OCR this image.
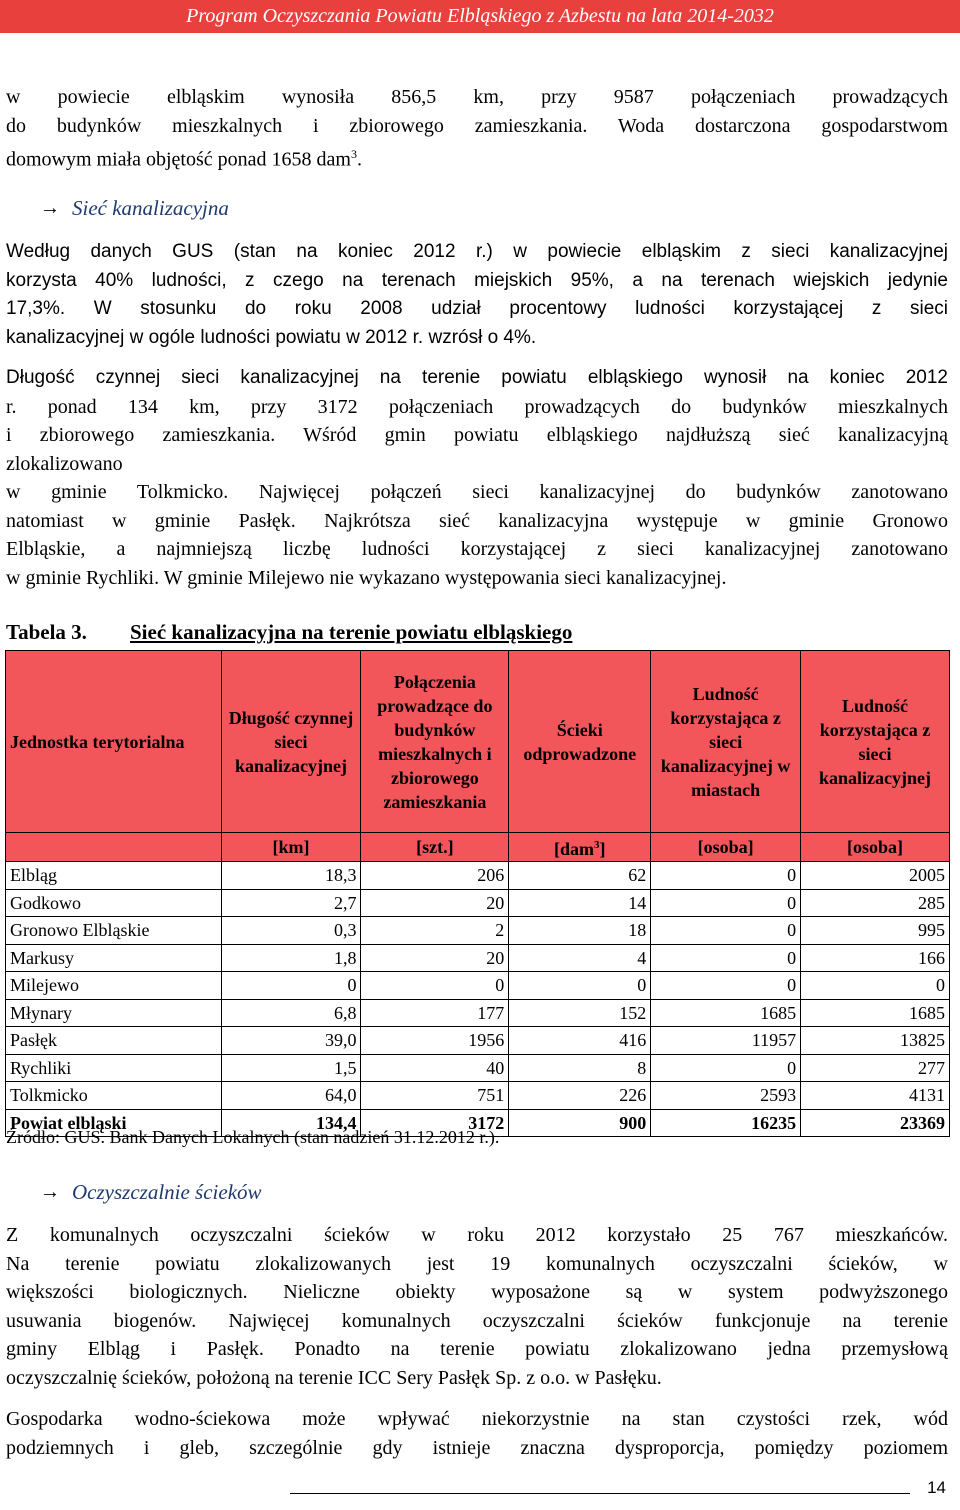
Program Oczyszczania Powiatu Elbląskiego z Azbestu na lata 2014-2032
w powiecie elbląskim wynosiła 856,5 km, przy 9587 połączeniach prowadzących
do budynków mieszkalnych i zbiorowego zamieszkania. Woda dostarczona gospodarstwom
domowym miała objętość ponad 1658 dam$^3$.
→ Sieć kanalizacyjna
Według danych GUS (stan na koniec 2012 r.) w powiecie elbląskim z sieci kanalizacyjnej
korzysta 40% ludności, z czego na terenach miejskich 95%, a na terenach wiejskich jedynie
17,3%. W stosunku do roku 2008 udział procentowy ludności korzystającej z sieci
kanalizacyjnej w ogóle ludności powiatu w 2012 r. wzrósł o 4%.
Długość czynnej sieci kanalizacyjnej na terenie powiatu elbląskiego wynosił na koniec 2012
r. ponad 134 km, przy 3172 połączeniach prowadzących do budynków mieszkalnych
i zbiorowego zamieszkania. Wśród gmin powiatu elbląskiego najdłuższą sieć kanalizacyjną
zlokalizowano
w gminie Tolkmicko. Najwięcej połączeń sieci kanalizacyjnej do budynków zanotowano
natomiast w gminie Pasłęk. Najkrótsza sieć kanalizacyjna występuje w gminie Gronowo
Elbląskie, a najmniejszą liczbę ludności korzystającej z sieci kanalizacyjnej zanotowano
w gminie Rychliki. W gminie Milejewo nie wykazano występowania sieci kanalizacyjnej.
Tabela 3. Sieć kanalizacyjna na terenie powiatu elbląskiego
Jednostka terytorialna	Długość czynnej sieci kanalizacyjnej	Połączenia prowadzące do budynków mieszkalnych i zbiorowego zamieszkania	Ścieki odprowadzone	Ludność korzystająca z sieci kanalizacyjnej w miastach	Ludność korzystająca z sieci kanalizacyjnej
	[km]	[szt.]	[dam$^3$]	[osoba]	[osoba]
Elbląg	18,3	206	62	0	2005
Godkowo	2,7	20	14	0	285
Gronowo Elbląskie	0,3	2	18	0	995
Markusy	1,8	20	4	0	166
Milejewo	0	0	0	0	0
Młynary	6,8	177	152	1685	1685
Pasłęk	39,0	1956	416	11957	13825
Rychliki	1,5	40	8	0	277
Tolkmicko	64,0	751	226	2593	4131
Powiat elbląski	134,4	3172	900	16235	23369
Źródło: GUS. Bank Danych Lokalnych (stan nadzień 31.12.2012 r.).
→ Oczyszczalnie ścieków
Z komunalnych oczyszczalni ścieków w roku 2012 korzystało 25 767 mieszkańców.
Na terenie powiatu zlokalizowanych jest 19 komunalnych oczyszczalni ścieków, w
większości biologicznych. Nieliczne obiekty wyposażone są w system podwyższonego
usuwania biogenów. Najwięcej komunalnych oczyszczalni ścieków funkcjonuje na terenie
gminy Elbląg i Pasłęk. Ponadto na terenie powiatu zlokalizowano jedna przemysłową
oczyszczalnię ścieków, położoną na terenie ICC Sery Pasłęk Sp. z o.o. w Pasłęku.
Gospodarka wodno-ściekowa może wpływać niekorzystnie na stan czystości rzek, wód
podziemnych i gleb, szczególnie gdy istnieje znaczna dysproporcja, pomiędzy poziomem
14
